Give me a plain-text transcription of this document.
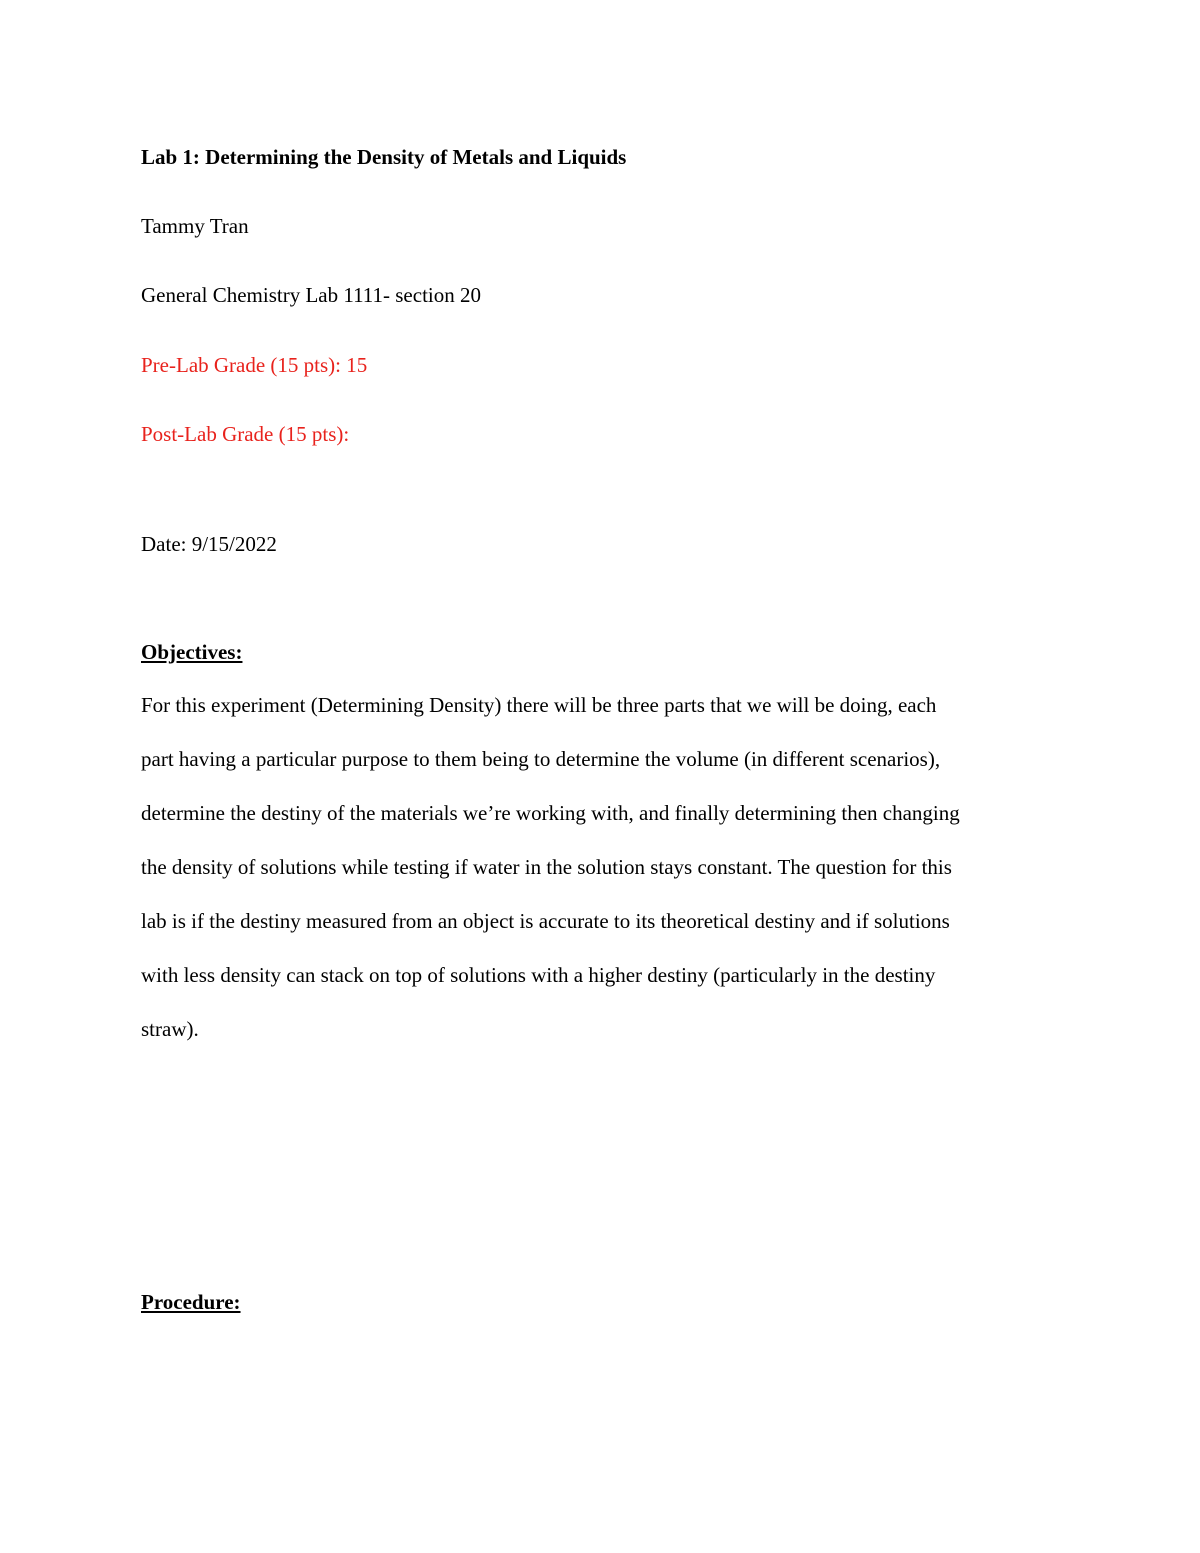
Lab 1: Determining the Density of Metals and Liquids
Tammy Tran
General Chemistry Lab 1111- section 20
Pre-Lab Grade (15 pts): 15
Post-Lab Grade (15 pts):
Date: 9/15/2022
Objectives:
For this experiment (Determining Density) there will be three parts that we will be doing, each
part having a particular purpose to them being to determine the volume (in different scenarios),
determine the destiny of the materials we’re working with, and finally determining then changing
the density of solutions while testing if water in the solution stays constant. The question for this
lab is if the destiny measured from an object is accurate to its theoretical destiny and if solutions
with less density can stack on top of solutions with a higher destiny (particularly in the destiny
straw).
Procedure:
